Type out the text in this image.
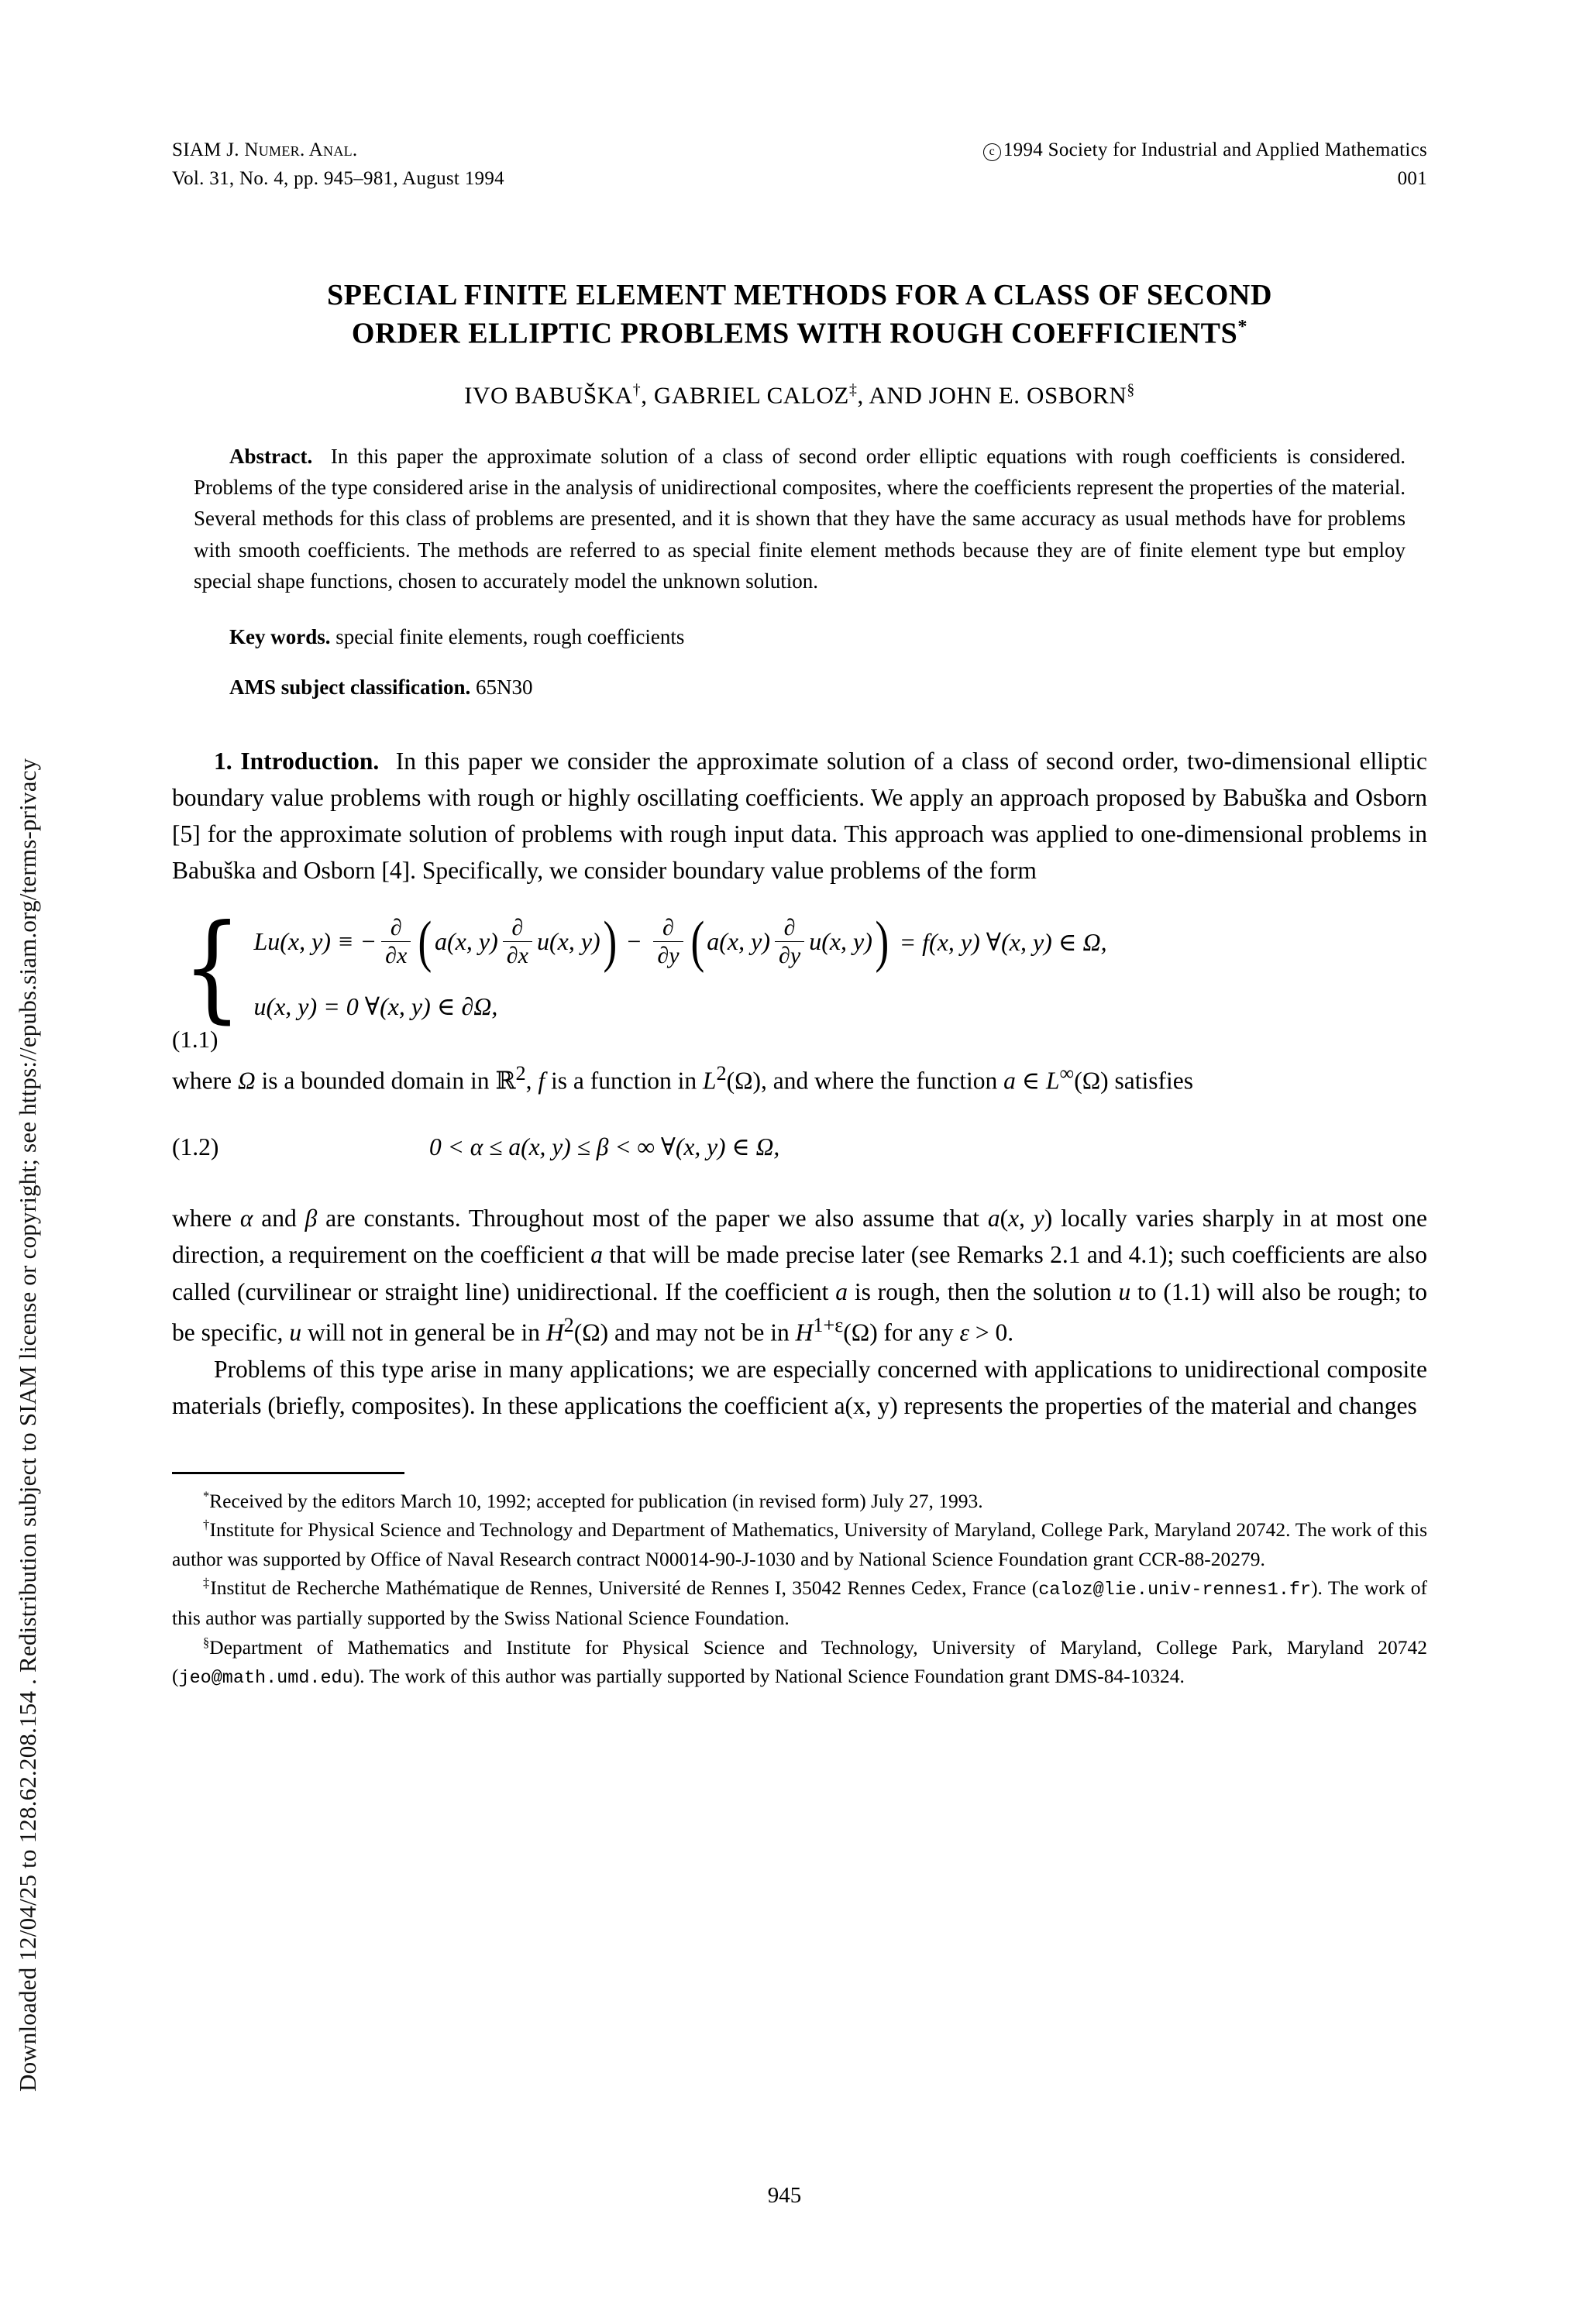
Downloaded 12/04/25 to 128.62.208.154 . Redistribution subject to SIAM license or copyright; see https://epubs.siam.org/terms-privacy
SIAM J. Numer. Anal.
Vol. 31, No. 4, pp. 945–981, August 1994
c 1994 Society for Industrial and Applied Mathematics
001
SPECIAL FINITE ELEMENT METHODS FOR A CLASS OF SECOND
ORDER ELLIPTIC PROBLEMS WITH ROUGH COEFFICIENTS*
IVO BABUŠKA†, GABRIEL CALOZ‡, AND JOHN E. OSBORN§
Abstract. In this paper the approximate solution of a class of second order elliptic equations with rough coefficients is considered. Problems of the type considered arise in the analysis of unidirectional composites, where the coefficients represent the properties of the material. Several methods for this class of problems are presented, and it is shown that they have the same accuracy as usual methods have for problems with smooth coefficients. The methods are referred to as special finite element methods because they are of finite element type but employ special shape functions, chosen to accurately model the unknown solution.
Key words. special finite elements, rough coefficients
AMS subject classification. 65N30

1. Introduction. In this paper we consider the approximate solution of a class of second order, two-dimensional elliptic boundary value problems with rough or highly oscillating coefficients. We apply an approach proposed by Babuška and Osborn [5] for the approximate solution of problems with rough input data. This approach was applied to one-dimensional problems in Babuška and Osborn [4]. Specifically, we consider boundary value problems of the form

{ Lu(x, y) ≡ − $\frac{\partial}{\partial x}$ ( a(x, $y) \frac{\partial}{\partial x} u(x$, y) ) − $\frac{\partial}{\partial y}$ ( a(x, $y) \frac{\partial}{\partial y} u(x$, y) ) = f(x, y) ∀(x, y) ∈ Ω,
u(x, y) = 0 ∀(x, y) ∈ ∂Ω,
(1.1)

where Ω is a bounded domain in ℝ$^2$, f is a function in $L^2(\Omega)$, and where the function a ∈ L∞(Ω) satisfies

(1.2)	0 < α ≤ a(x, y) ≤ β < ∞ ∀(x, y) ∈ Ω,

where α and β are constants. Throughout most of the paper we also assume that a(x, y) locally varies sharply in at most one direction, a requirement on the coefficient a that will be made precise later (see Remarks 2.1 and 4.1); such coefficients are also called (curvilinear or straight line) unidirectional. If the coefficient a is rough, then the solution u to (1.1) will also be rough; to be specific, u will not in general be in $H^2(\Omega)$ and may not be in $H^{1+\varepsilon}(\Omega)$ for any ε > 0.

Problems of this type arise in many applications; we are especially concerned with applications to unidirectional composite materials (briefly, composites). In these applications the coefficient a(x, y) represents the properties of the material and changes

*Received by the editors March 10, 1992; accepted for publication (in revised form) July 27, 1993.

†Institute for Physical Science and Technology and Department of Mathematics, University of Maryland, College Park, Maryland 20742. The work of this author was supported by Office of Naval Research contract N00014-90-J-1030 and by National Science Foundation grant CCR-88-20279.

‡Institut de Recherche Mathématique de Rennes, Université de Rennes I, 35042 Rennes Cedex, France (caloz@lie.univ-rennes1.fr). The work of this author was partially supported by the Swiss National Science Foundation.

§Department of Mathematics and Institute for Physical Science and Technology, University of Maryland, College Park, Maryland 20742 (jeo@math.umd.edu). The work of this author was partially supported by National Science Foundation grant DMS-84-10324.

945
